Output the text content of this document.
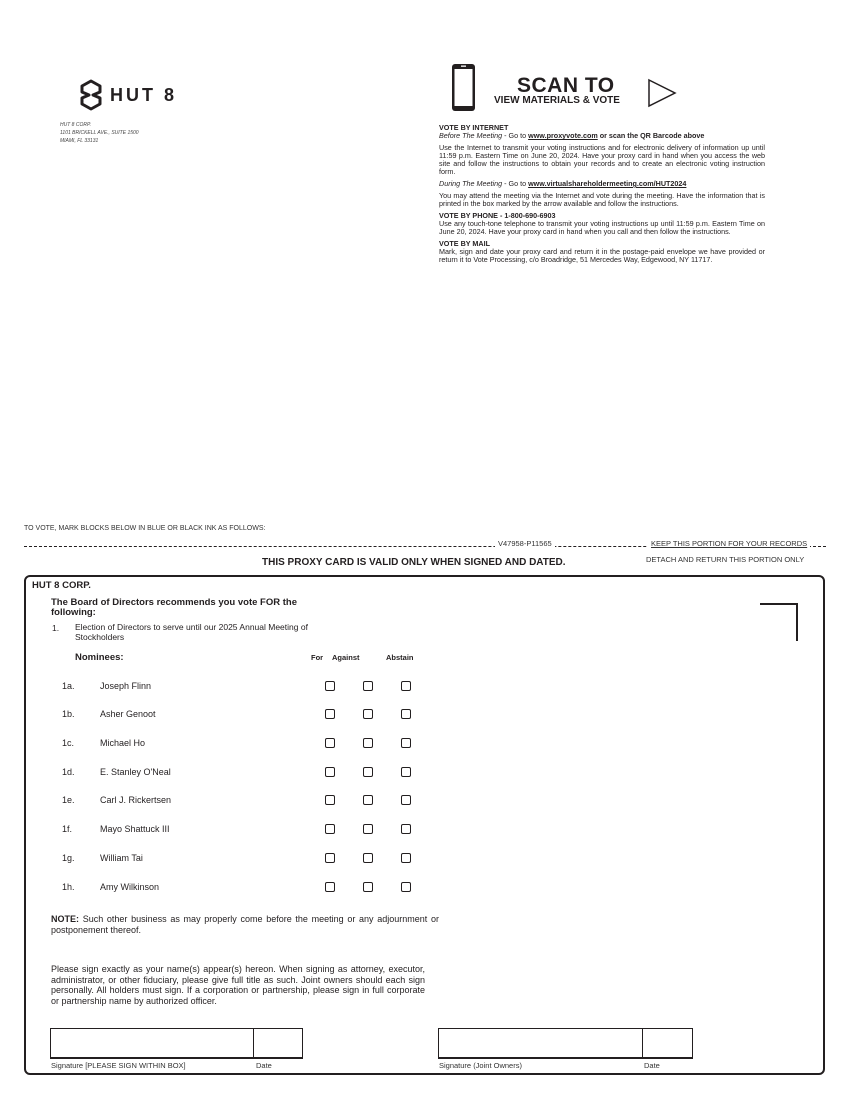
HUT 8
HUT 8 CORP.
1101 BRICKELL AVE., SUITE 1500
MIAMI, FL 33131
SCAN TO
VIEW MATERIALS & VOTE
VOTE BY INTERNET

Before The Meeting - Go to www.proxyvote.com or scan the QR Barcode above

Use the Internet to transmit your voting instructions and for electronic delivery of information up until 11:59 p.m. Eastern Time on June 20, 2024. Have your proxy card in hand when you access the web site and follow the instructions to obtain your records and to create an electronic voting instruction form.

During The Meeting - Go to www.virtualshareholdermeeting.com/HUT2024

You may attend the meeting via the Internet and vote during the meeting. Have the information that is printed in the box marked by the arrow available and follow the instructions.

VOTE BY PHONE - 1-800-690-6903

Use any touch-tone telephone to transmit your voting instructions up until 11:59 p.m. Eastern Time on June 20, 2024. Have your proxy card in hand when you call and then follow the instructions.

VOTE BY MAIL

Mark, sign and date your proxy card and return it in the postage-paid envelope we have provided or return it to Vote Processing, c/o Broadridge, 51 Mercedes Way, Edgewood, NY 11717.

TO VOTE, MARK BLOCKS BELOW IN BLUE OR BLACK INK AS FOLLOWS:
V47958-P11565	KEEP THIS PORTION FOR YOUR RECORDS
THIS PROXY CARD IS VALID ONLY WHEN SIGNED AND DATED.	DETACH AND RETURN THIS PORTION ONLY
HUT 8 CORP.
The Board of Directors recommends you vote FOR the following:
1. Election of Directors to serve until our 2025 Annual Meeting of Stockholders
Nominees:	For Against	Abstain
1a.	Joseph Flinn
1b.	Asher Genoot
1c.	Michael Ho
1d.	E. Stanley O'Neal
1e.	Carl J. Rickertsen
1f.	Mayo Shattuck III
1g.	William Tai
1h.	Amy Wilkinson
NOTE: Such other business as may properly come before the meeting or any adjournment or postponement thereof.
Please sign exactly as your name(s) appear(s) hereon. When signing as attorney, executor, administrator, or other fiduciary, please give full title as such. Joint owners should each sign personally. All holders must sign. If a corporation or partnership, please sign in full corporate or partnership name by authorized officer.
Signature [PLEASE SIGN WITHIN BOX]	Date	Signature (Joint Owners)	Date
